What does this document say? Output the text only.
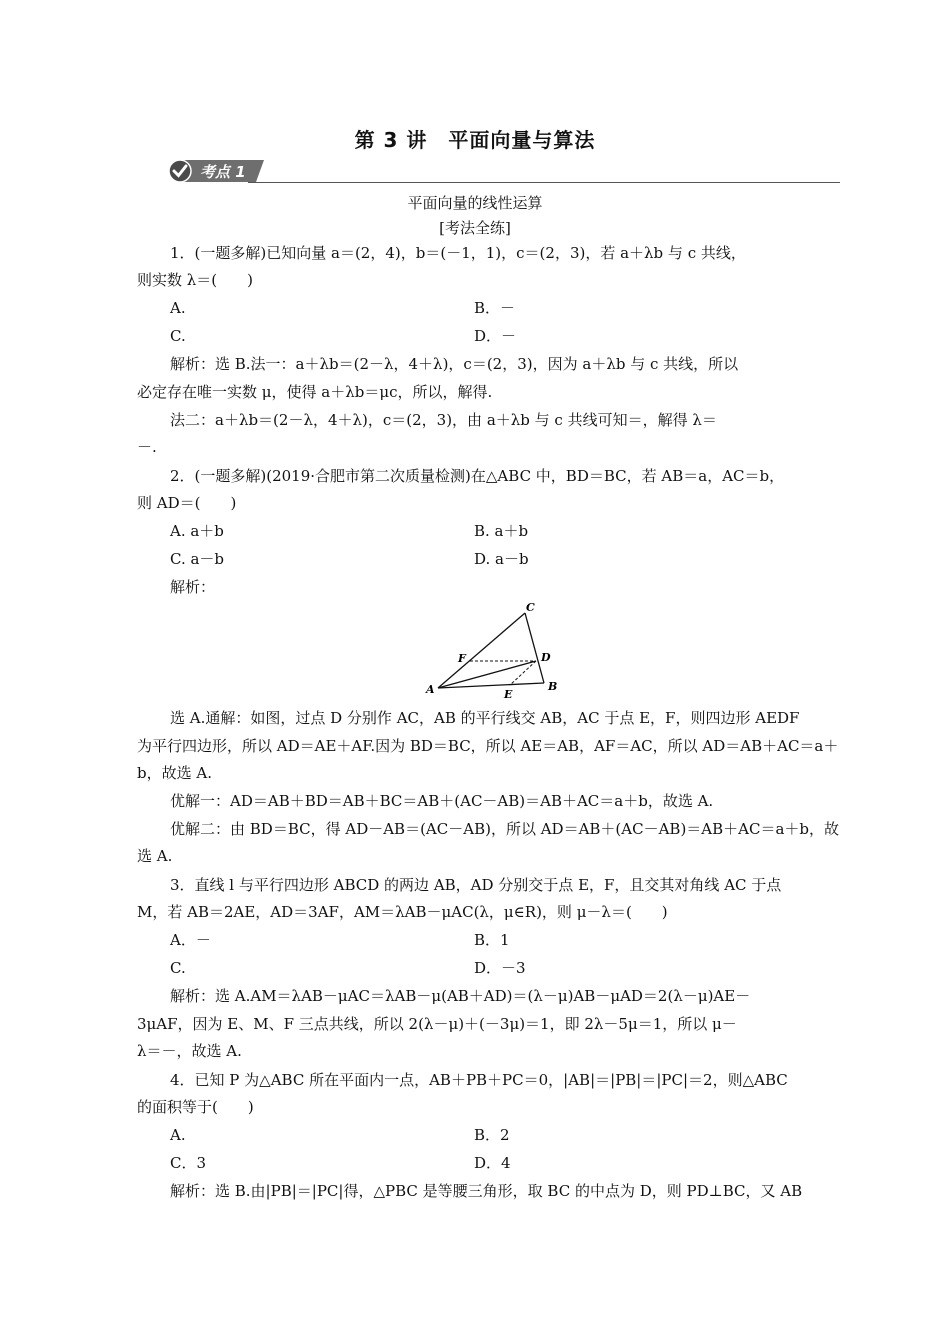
第 3 讲　平面向量与算法
考点 1
平面向量的线性运算
[考法全练]
1．(一题多解)已知向量 a＝(2，4)，b＝(－1，1)，c＝(2，3)，若 a＋λb 与 c 共线，
则实数 λ＝(　　)
A.	B．－
C.	D．－
解析：选 B.法一：a＋λb＝(2－λ，4＋λ)，c＝(2，3)，因为 a＋λb 与 c 共线，所以
必定存在唯一实数 μ，使得 a＋λb＝μc，所以，解得.
法二：a＋λb＝(2－λ，4＋λ)，c＝(2，3)，由 a＋λb 与 c 共线可知＝，解得 λ＝
－.
2．(一题多解)(2019·合肥市第二次质量检测)在△ABC 中，BD＝BC，若 AB＝a，AC＝b，
则 AD＝(　　)
A. a＋b	B. a＋b
C. a－b	D. a－b
解析：
C
F	D
A	E
B
选 A.通解：如图，过点 D 分别作 AC，AB 的平行线交 AB，AC 于点 E，F，则四边形 AEDF
为平行四边形，所以 AD＝AE＋AF.因为 BD＝BC，所以 AE＝AB，AF＝AC，所以 AD＝AB＋AC＝a＋
b，故选 A.
优解一：AD＝AB＋BD＝AB＋BC＝AB＋(AC－AB)＝AB＋AC＝a＋b，故选 A.
优解二：由 BD＝BC，得 AD－AB＝(AC－AB)，所以 AD＝AB＋(AC－AB)＝AB＋AC＝a＋b，故
选 A.
3．直线 l 与平行四边形 ABCD 的两边 AB，AD 分别交于点 E，F，且交其对角线 AC 于点
M，若 AB＝2AE，AD＝3AF，AM＝λAB－μAC(λ，μ∈R)，则 μ－λ＝(　　)
A．－	B．1
C.	D．－3
解析：选 A.AM＝λAB－μAC＝λAB－μ(AB＋AD)＝(λ－μ)AB－μAD＝2(λ－μ)AE－
3μAF，因为 E、M、F 三点共线，所以 2(λ－μ)＋(－3μ)＝1，即 2λ－5μ＝1，所以 μ－
λ＝－，故选 A.
4．已知 P 为△ABC 所在平面内一点，AB＋PB＋PC＝0，|AB|＝|PB|＝|PC|＝2，则△ABC
的面积等于(　　)
A.	B．2
C．3	D．4
解析：选 B.由|PB|＝|PC|得，△PBC 是等腰三角形，取 BC 的中点为 D，则 PD⊥BC，又 AB
